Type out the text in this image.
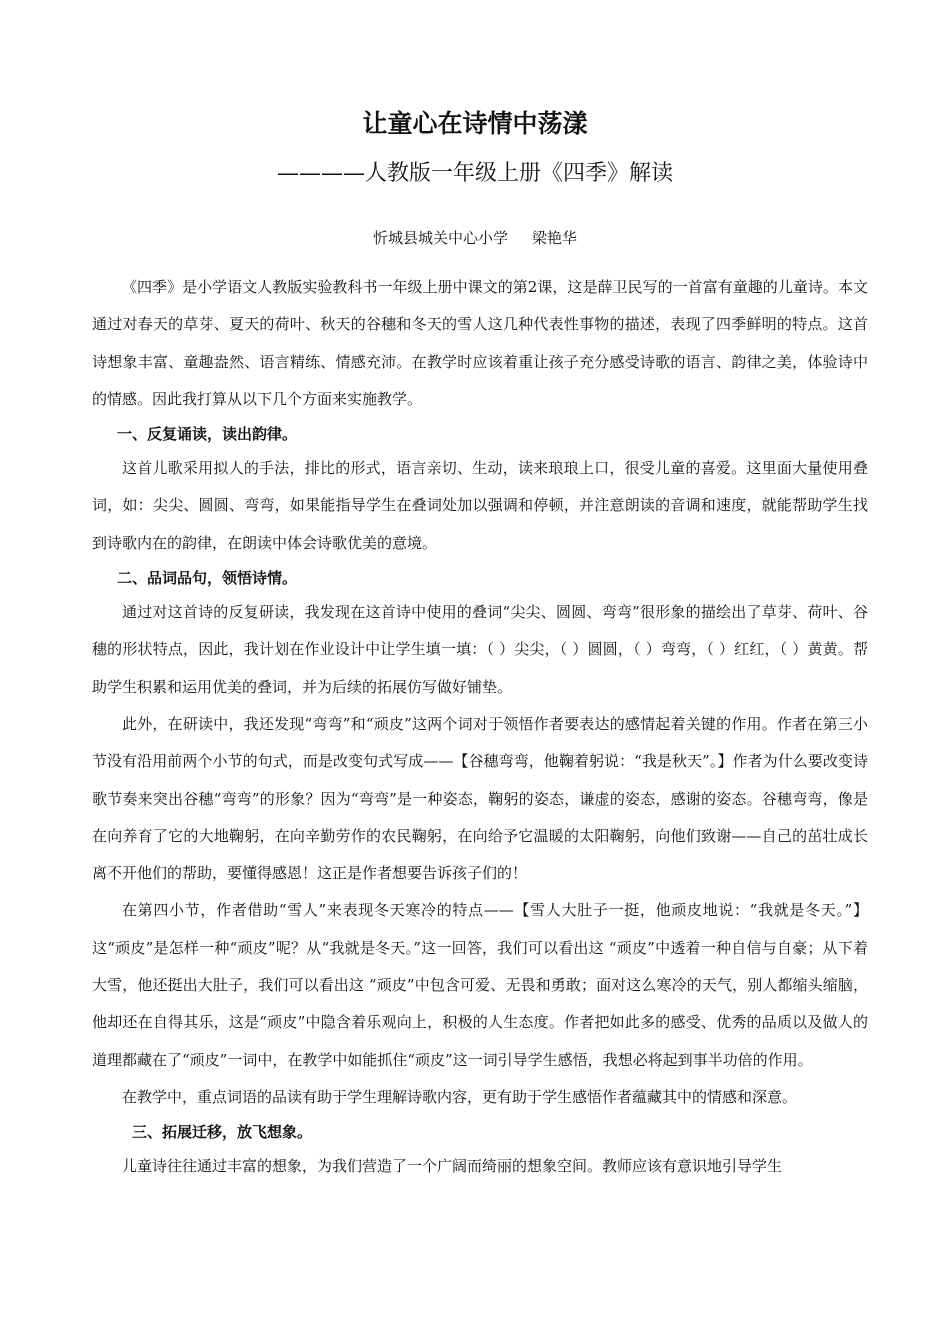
让童心在诗情中荡漾
————人教版一年级上册《四季》解读
忻城县城关中心小学 梁艳华

《四季》是小学语文人教版实验教科书一年级上册中课文的第2课，这是薛卫民写的一首富有童趣的儿童诗。本文通过对春天的草芽、夏天的荷叶、秋天的谷穗和冬天的雪人这几种代表性事物的描述，表现了四季鲜明的特点。这首诗想象丰富、童趣盎然、语言精练、情感充沛。在教学时应该着重让孩子充分感受诗歌的语言、韵律之美，体验诗中的情感。因此我打算从以下几个方面来实施教学。

一、反复诵读，读出韵律。

这首儿歌采用拟人的手法，排比的形式，语言亲切、生动，读来琅琅上口，很受儿童的喜爱。这里面大量使用叠词，如：尖尖、圆圆、弯弯，如果能指导学生在叠词处加以强调和停顿，并注意朗读的音调和速度，就能帮助学生找到诗歌内在的韵律，在朗读中体会诗歌优美的意境。

二、品词品句，领悟诗情。

通过对这首诗的反复研读，我发现在这首诗中使用的叠词“尖尖、圆圆、弯弯”很形象的描绘出了草芽、荷叶、谷穗的形状特点，因此，我计划在作业设计中让学生填一填：（ ）尖尖，（ ）圆圆，（ ）弯弯，（ ）红红，（ ）黄黄。帮助学生积累和运用优美的叠词，并为后续的拓展仿写做好铺垫。

此外，在研读中，我还发现“弯弯”和“顽皮”这两个词对于领悟作者要表达的感情起着关键的作用。作者在第三小节没有沿用前两个小节的句式，而是改变句式写成——【谷穗弯弯，他鞠着躬说：“我是秋天”。】作者为什么要改变诗歌节奏来突出谷穗“弯弯”的形象？因为“弯弯”是一种姿态，鞠躬的姿态，谦虚的姿态，感谢的姿态。谷穗弯弯，像是在向养育了它的大地鞠躬，在向辛勤劳作的农民鞠躬，在向给予它温暖的太阳鞠躬，向他们致谢——自己的茁壮成长离不开他们的帮助，要懂得感恩！这正是作者想要告诉孩子们的！

在第四小节，作者借助“雪人”来表现冬天寒冷的特点——【雪人大肚子一挺，他顽皮地说：“我就是冬天。”】这“顽皮”是怎样一种“顽皮”呢？从“我就是冬天。”这一回答，我们可以看出这 “顽皮”中透着一种自信与自豪；从下着大雪，他还挺出大肚子，我们可以看出这 “顽皮”中包含可爱、无畏和勇敢；面对这么寒冷的天气，别人都缩头缩脑，他却还在自得其乐，这是“顽皮”中隐含着乐观向上，积极的人生态度。作者把如此多的感受、优秀的品质以及做人的道理都藏在了“顽皮”一词中，在教学中如能抓住“顽皮”这一词引导学生感悟，我想必将起到事半功倍的作用。

在教学中，重点词语的品读有助于学生理解诗歌内容，更有助于学生感悟作者蕴藏其中的情感和深意。

三、拓展迁移，放飞想象。

儿童诗往往通过丰富的想象，为我们营造了一个广阔而绮丽的想象空间。教师应该有意识地引导学生
